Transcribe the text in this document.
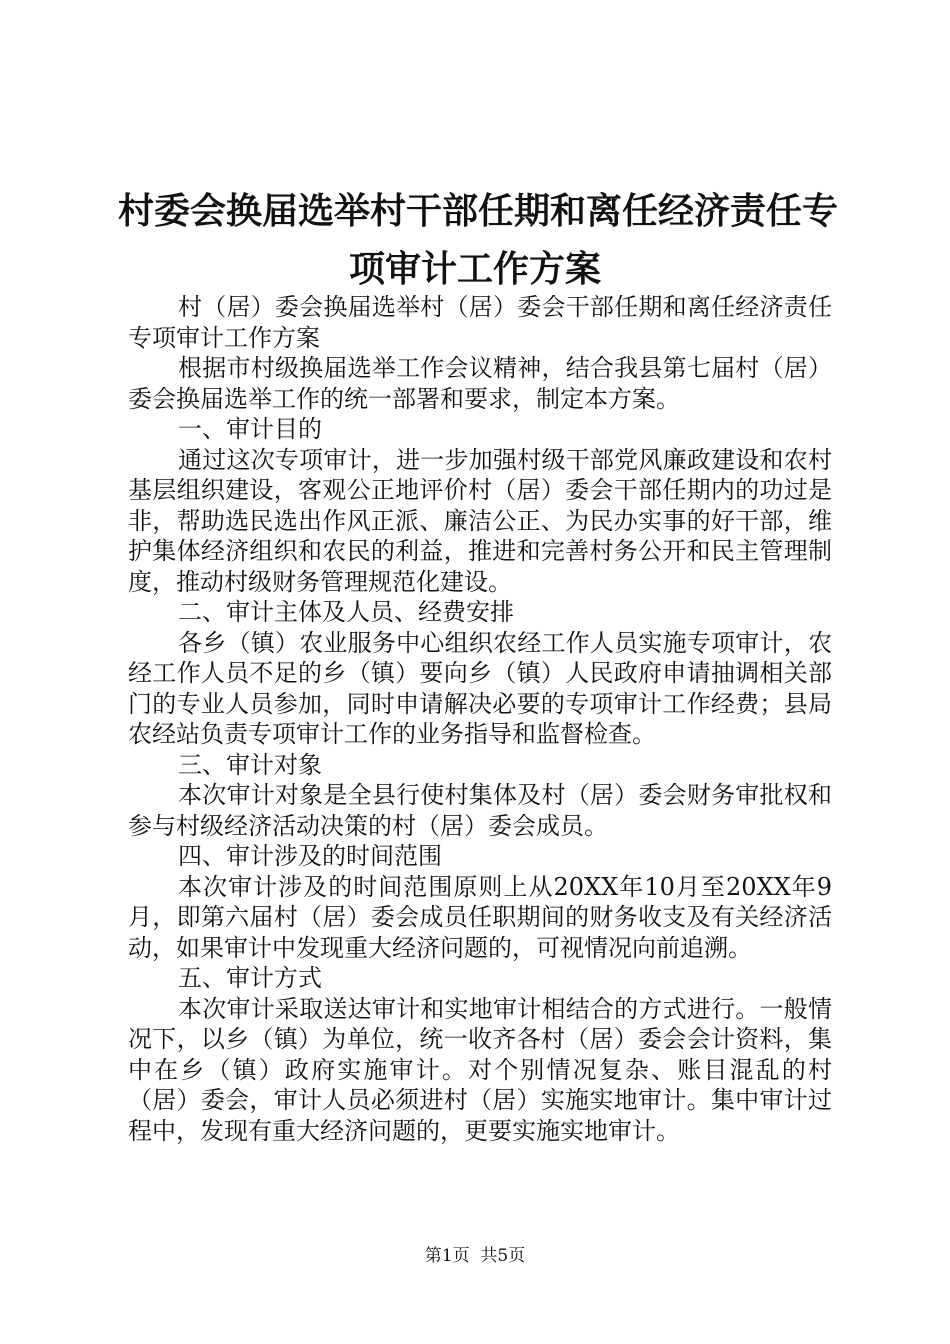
村委会换届选举村干部任期和离任经济责任专
项审计工作方案

村（居）委会换届选举村（居）委会干部任期和离任经济责任专项审计工作方案

根据市村级换届选举工作会议精神，结合我县第七届村（居）委会换届选举工作的统一部署和要求，制定本方案。

一、审计目的

通过这次专项审计，进一步加强村级干部党风廉政建设和农村基层组织建设，客观公正地评价村（居）委会干部任期内的功过是非，帮助选民选出作风正派、廉洁公正、为民办实事的好干部，维护集体经济组织和农民的利益，推进和完善村务公开和民主管理制度，推动村级财务管理规范化建设。

二、审计主体及人员、经费安排

各乡（镇）农业服务中心组织农经工作人员实施专项审计，农经工作人员不足的乡（镇）要向乡（镇）人民政府申请抽调相关部门的专业人员参加，同时申请解决必要的专项审计工作经费；县局农经站负责专项审计工作的业务指导和监督检查。

三、审计对象

本次审计对象是全县行使村集体及村（居）委会财务审批权和参与村级经济活动决策的村（居）委会成员。

四、审计涉及的时间范围

本次审计涉及的时间范围原则上从20XX年10月至20XX年9月，即第六届村（居）委会成员任职期间的财务收支及有关经济活动，如果审计中发现重大经济问题的，可视情况向前追溯。

五、审计方式

本次审计采取送达审计和实地审计相结合的方式进行。一般情况下，以乡（镇）为单位，统一收齐各村（居）委会会计资料，集中在乡（镇）政府实施审计。对个别情况复杂、账目混乱的村（居）委会，审计人员必须进村（居）实施实地审计。集中审计过程中，发现有重大经济问题的，更要实施实地审计。

第1页  共5页
